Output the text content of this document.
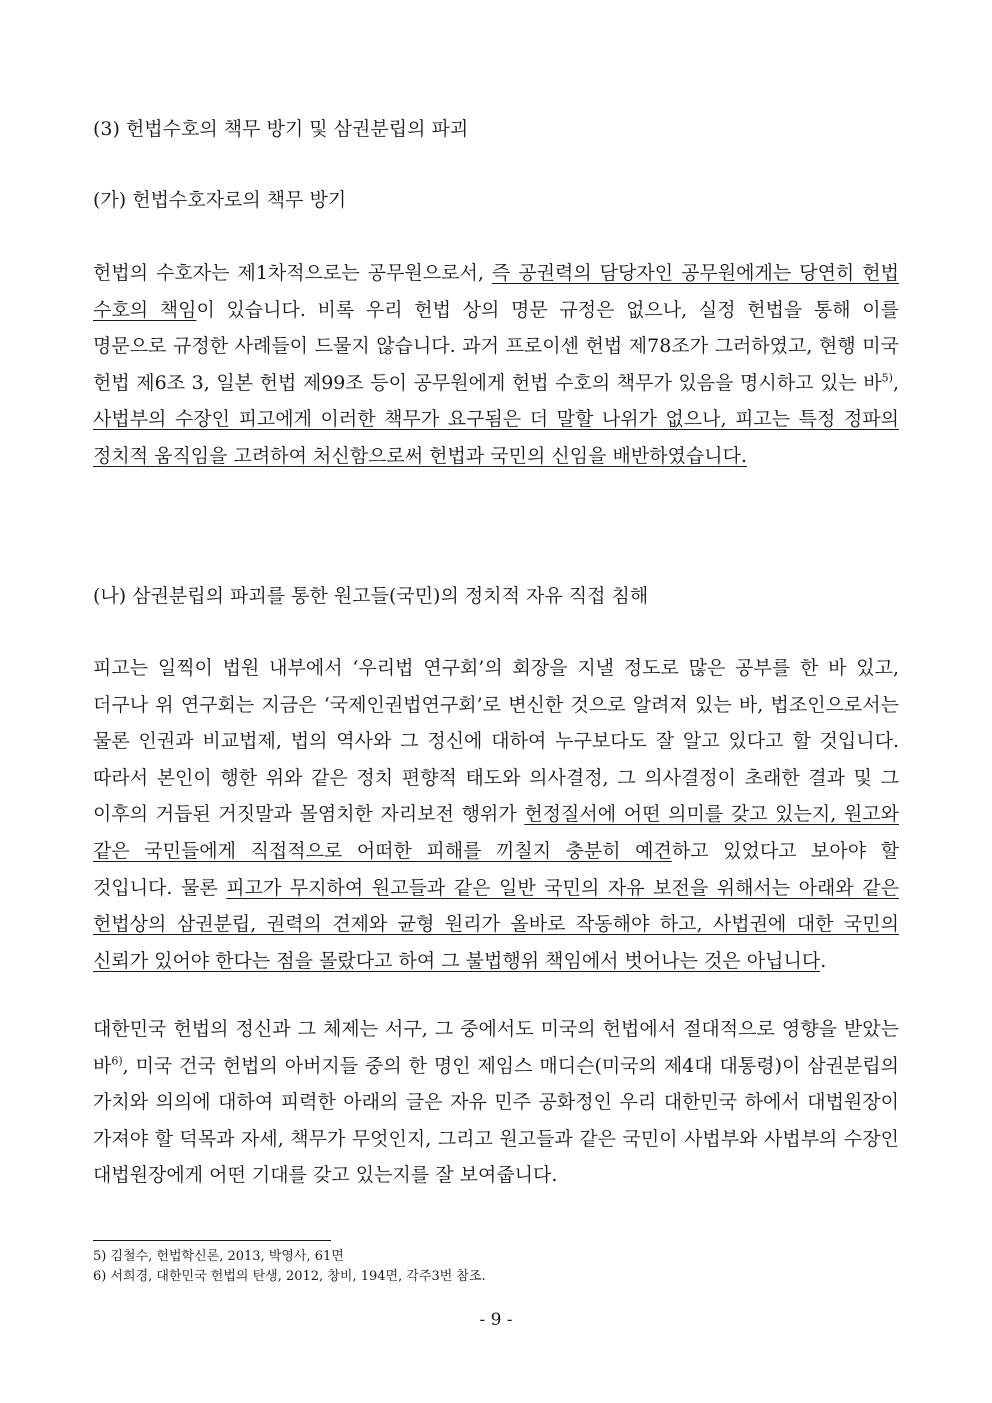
(3) 헌법수호의 책무 방기 및 삼권분립의 파괴
(가) 헌법수호자로의 책무 방기
헌법의 수호자는 제1차적으로는 공무원으로서, 즉 공권력의 담당자인 공무원에게는 당연히 헌법 수호의 책임이 있습니다. 비록 우리 헌법 상의 명문 규정은 없으나, 실정 헌법을 통해 이를 명문으로 규정한 사례들이 드물지 않습니다. 과거 프로이센 헌법 제78조가 그러하였고, 현행 미국 헌법 제6조 3, 일본 헌법 제99조 등이 공무원에게 헌법 수호의 책무가 있음을 명시하고 있는 바$^{5)}$, 사법부의 수장인 피고에게 이러한 책무가 요구됨은 더 말할 나위가 없으나, 피고는 특정 정파의 정치적 움직임을 고려하여 처신함으로써 헌법과 국민의 신임을 배반하였습니다.
(나) 삼권분립의 파괴를 통한 원고들(국민)의 정치적 자유 직접 침해
피고는 일찍이 법원 내부에서 ‘우리법 연구회’의 회장을 지낼 정도로 많은 공부를 한 바 있고, 더구나 위 연구회는 지금은 ‘국제인권법연구회’로 변신한 것으로 알려져 있는 바, 법조인으로서는 물론 인권과 비교법제, 법의 역사와 그 정신에 대하여 누구보다도 잘 알고 있다고 할 것입니다. 따라서 본인이 행한 위와 같은 정치 편향적 태도와 의사결정, 그 의사결정이 초래한 결과 및 그 이후의 거듭된 거짓말과 몰염치한 자리보전 행위가 헌정질서에 어떤 의미를 갖고 있는지, 원고와 같은 국민들에게 직접적으로 어떠한 피해를 끼칠지 충분히 예견하고 있었다고 보아야 할 것입니다. 물론 피고가 무지하여 원고들과 같은 일반 국민의 자유 보전을 위해서는 아래와 같은 헌법상의 삼권분립, 권력의 견제와 균형 원리가 올바로 작동해야 하고, 사법권에 대한 국민의 신뢰가 있어야 한다는 점을 몰랐다고 하여 그 불법행위 책임에서 벗어나는 것은 아닙니다.
대한민국 헌법의 정신과 그 체제는 서구, 그 중에서도 미국의 헌법에서 절대적으로 영향을 받았는 바$^{6)}$, 미국 건국 헌법의 아버지들 중의 한 명인 제임스 매디슨(미국의 제4대 대통령)이 삼권분립의 가치와 의의에 대하여 피력한 아래의 글은 자유 민주 공화정인 우리 대한민국 하에서 대법원장이 가져야 할 덕목과 자세, 책무가 무엇인지, 그리고 원고들과 같은 국민이 사법부와 사법부의 수장인 대법원장에게 어떤 기대를 갖고 있는지를 잘 보여줍니다.
5) 김철수, 헌법학신론, 2013, 박영사, 61면
6) 서희경, 대한민국 헌법의 탄생, 2012, 창비, 194면, 각주3번 참조.
- 9 -
